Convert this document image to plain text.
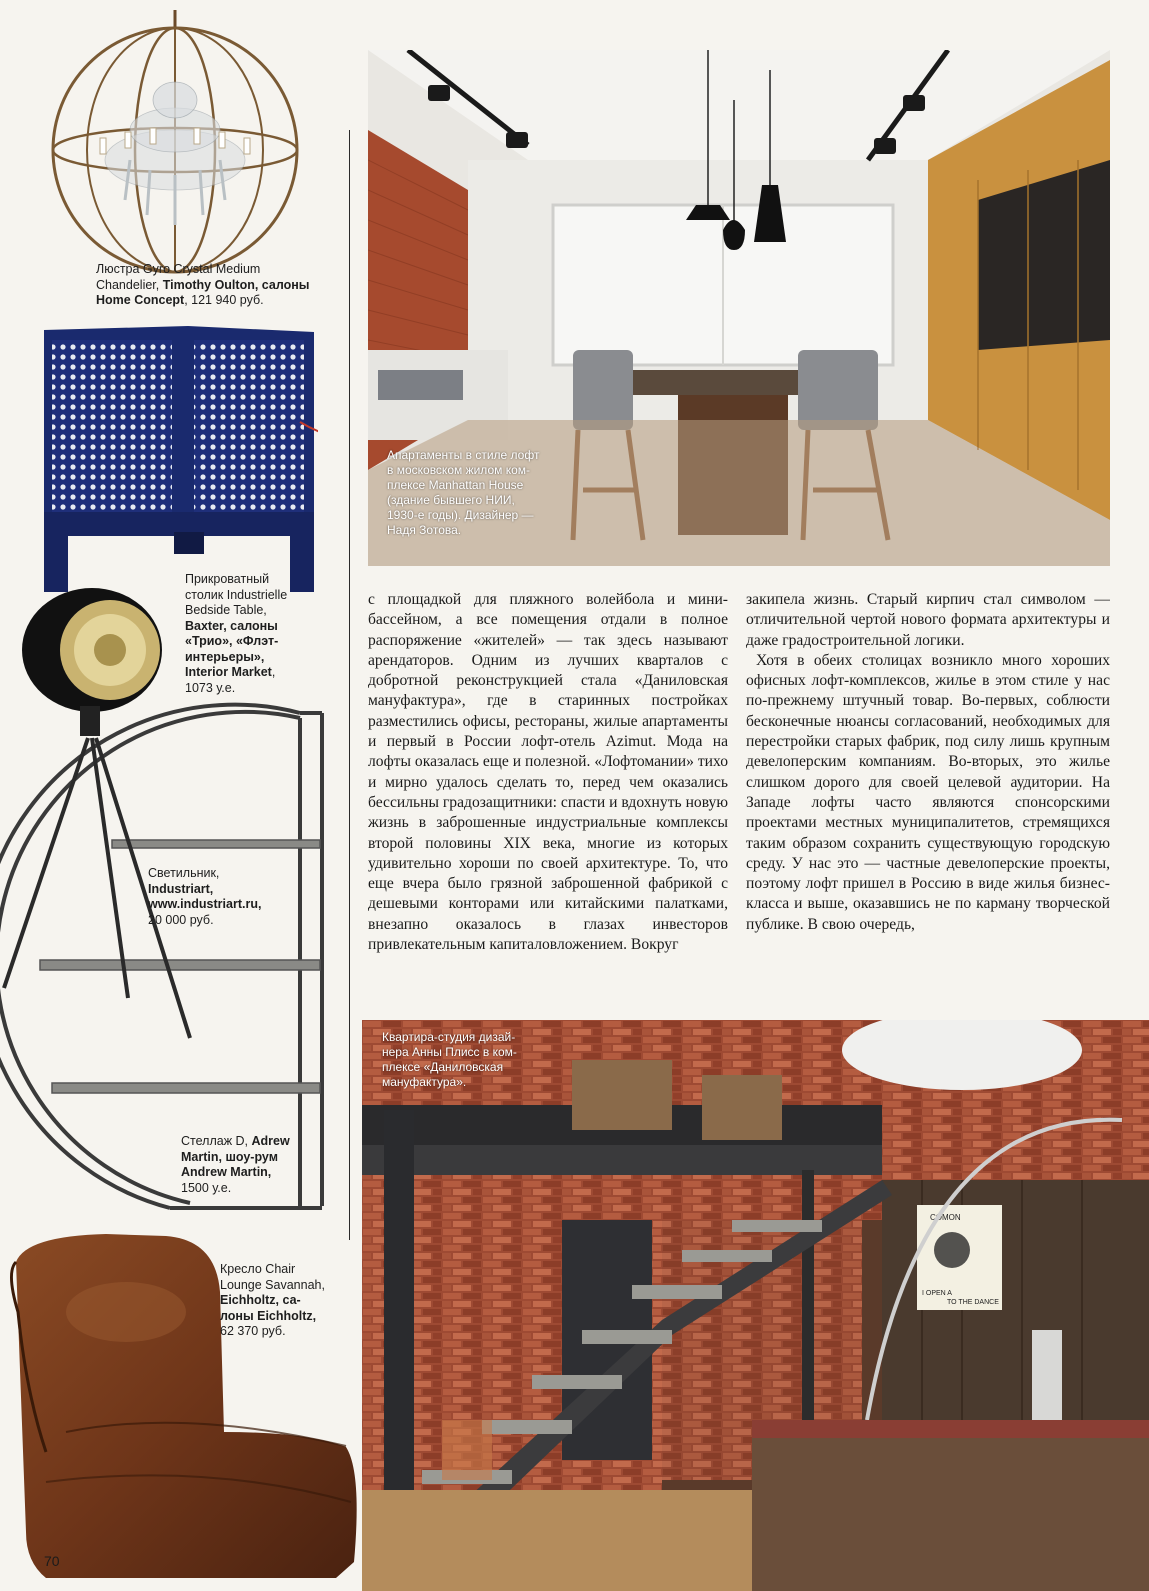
Люстра Gyro Crystal Medium
Chandelier, Timothy Oulton, салоны
Home Concept, 121 940 руб.
Прикроватный
столик Industrielle
Bedside Table,
Baxter, салоны
«Трио», «Флэт-
интерьеры»,
Interior Market,
1073 у.е.
Светильник,
Industriart,
www.industriart.ru,
20 000 руб.
Стеллаж D, Adrew
Martin, шоу-рум
Andrew Martin,
1500 у.е.
Кресло Chair
Lounge Savannah,
Eichholtz, са-
лоны Eichholtz,
62 370 руб.
Апартаменты в стиле лофт
в московском жилом ком-
плексе Manhattan House
(здание бывшего НИИ,
1930-е годы). Дизайнер —
Надя Зотова.

с площадкой для пляжного волейбола и мини-бассейном, а все помещения отдали в полное распоряжение «жителей» — так здесь называют арендаторов. Одним из лучших кварталов с добротной реконструкцией стала «Даниловская мануфактура», где в старинных постройках разместились офисы, рестораны, жилые апартаменты и первый в России лофт-отель Azimut. Мода на лофты оказалась еще и полезной. «Лофтомании» тихо и мирно удалось сделать то, перед чем оказались бессильны градозащитники: спасти и вдохнуть новую жизнь в заброшенные индустриальные комплексы второй половины XIX века, многие из которых удивительно хороши по своей архитектуре. То, что еще вчера было грязной заброшенной фабрикой с дешевыми конторами или китайскими палатками, внезапно оказалось в глазах инвесторов привлекательным капиталовложением. Вокруг

закипела жизнь. Старый кирпич стал символом — отличительной чертой нового формата архитектуры и даже градостроительной логики.

Хотя в обеих столицах возникло много хороших офисных лофт-комплексов, жилье в этом стиле у нас по-прежнему штучный товар. Во-первых, соблюсти бесконечные нюансы согласований, необходимых для перестройки старых фабрик, под силу лишь крупным девелоперским компаниям. Во-вторых, это жилье слишком дорого для своей целевой аудитории. На Западе лофты часто являются спонсорскими проектами местных муниципалитетов, стремящихся таким образом сохранить существующую городскую среду. У нас это — частные девелоперские проекты, поэтому лофт пришел в Россию в виде жилья бизнес-класса и выше, оказавшись не по карману творческой публике. В свою очередь,

COMON
I OPEN A
TO THE DANCE
Квартира-студия дизай-
нера Анны Плисс в ком-
плексе «Даниловская
мануфактура».
70
